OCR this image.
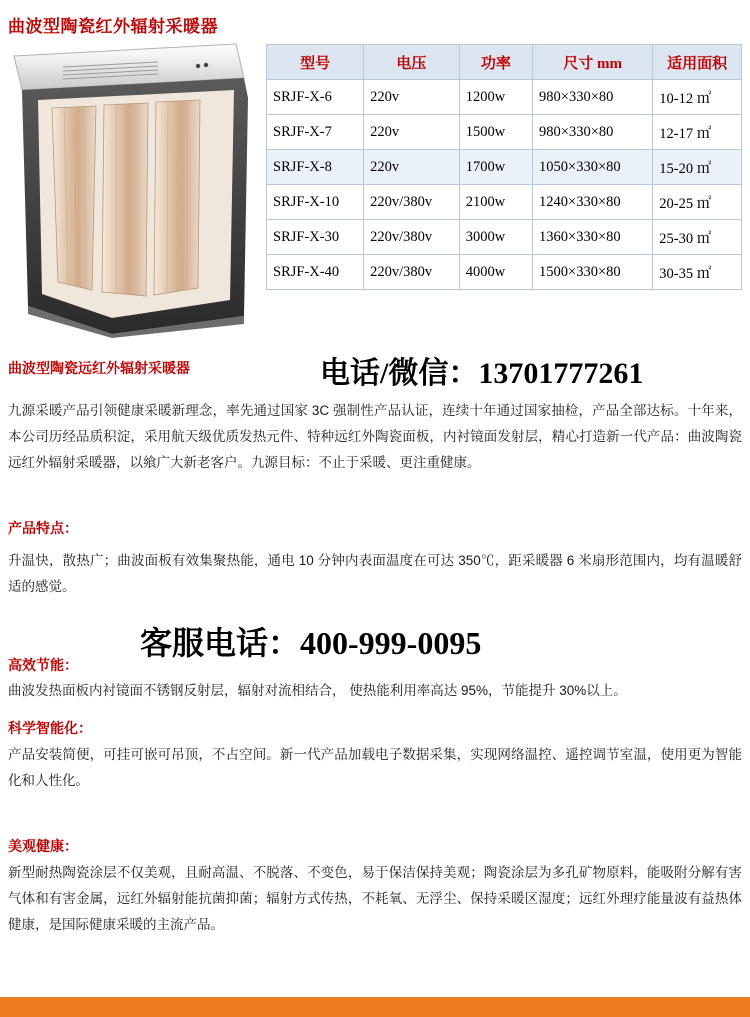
曲波型陶瓷红外辐射采暖器
型号	电压	功率	尺寸 mm	适用面积
SRJF-X-6	220v	1200w	980×330×80	10-12 ㎡
SRJF-X-7	220v	1500w	980×330×80	12-17 ㎡
SRJF-X-8	220v	1700w	1050×330×80	15-20 ㎡
SRJF-X-10	220v/380v	2100w	1240×330×80	20-25 ㎡
SRJF-X-30	220v/380v	3000w	1360×330×80	25-30 ㎡
SRJF-X-40	220v/380v	4000w	1500×330×80	30-35 ㎡
电话/微信：13701777261
曲波型陶瓷远红外辐射采暖器
九源采暖产品引领健康采暖新理念，率先通过国家 3C 强制性产品认证，连续十年通过国家抽检，产品全部达标。十年来，本公司历经品质积淀，采用航天级优质发热元件、特种远红外陶瓷面板，内衬镜面发射层，精心打造新一代产品：曲波陶瓷远红外辐射采暖器，以飨广大新老客户。九源目标：不止于采暖、更注重健康。
产品特点：
升温快，散热广；曲波面板有效集聚热能，通电 10 分钟内表面温度在可达 350℃，距采暖器 6 米扇形范围内，均有温暖舒适的感觉。
高效节能：
曲波发热面板内衬镜面不锈钢反射层，辐射对流相结合， 使热能利用率高达 95%，节能提升 30%以上。
科学智能化：
产品安装简便，可挂可嵌可吊顶，不占空间。新一代产品加载电子数据采集，实现网络温控、遥控调节室温，使用更为智能化和人性化。
美观健康：
新型耐热陶瓷涂层不仅美观，且耐高温、不脱落、不变色，易于保洁保持美观；陶瓷涂层为多孔矿物原料，能吸附分解有害气体和有害金属，远红外辐射能抗菌抑菌；辐射方式传热，不耗氧、无浮尘、保持采暖区湿度；远红外理疗能量波有益热体健康，是国际健康采暖的主流产品。
客服电话：400-999-0095
